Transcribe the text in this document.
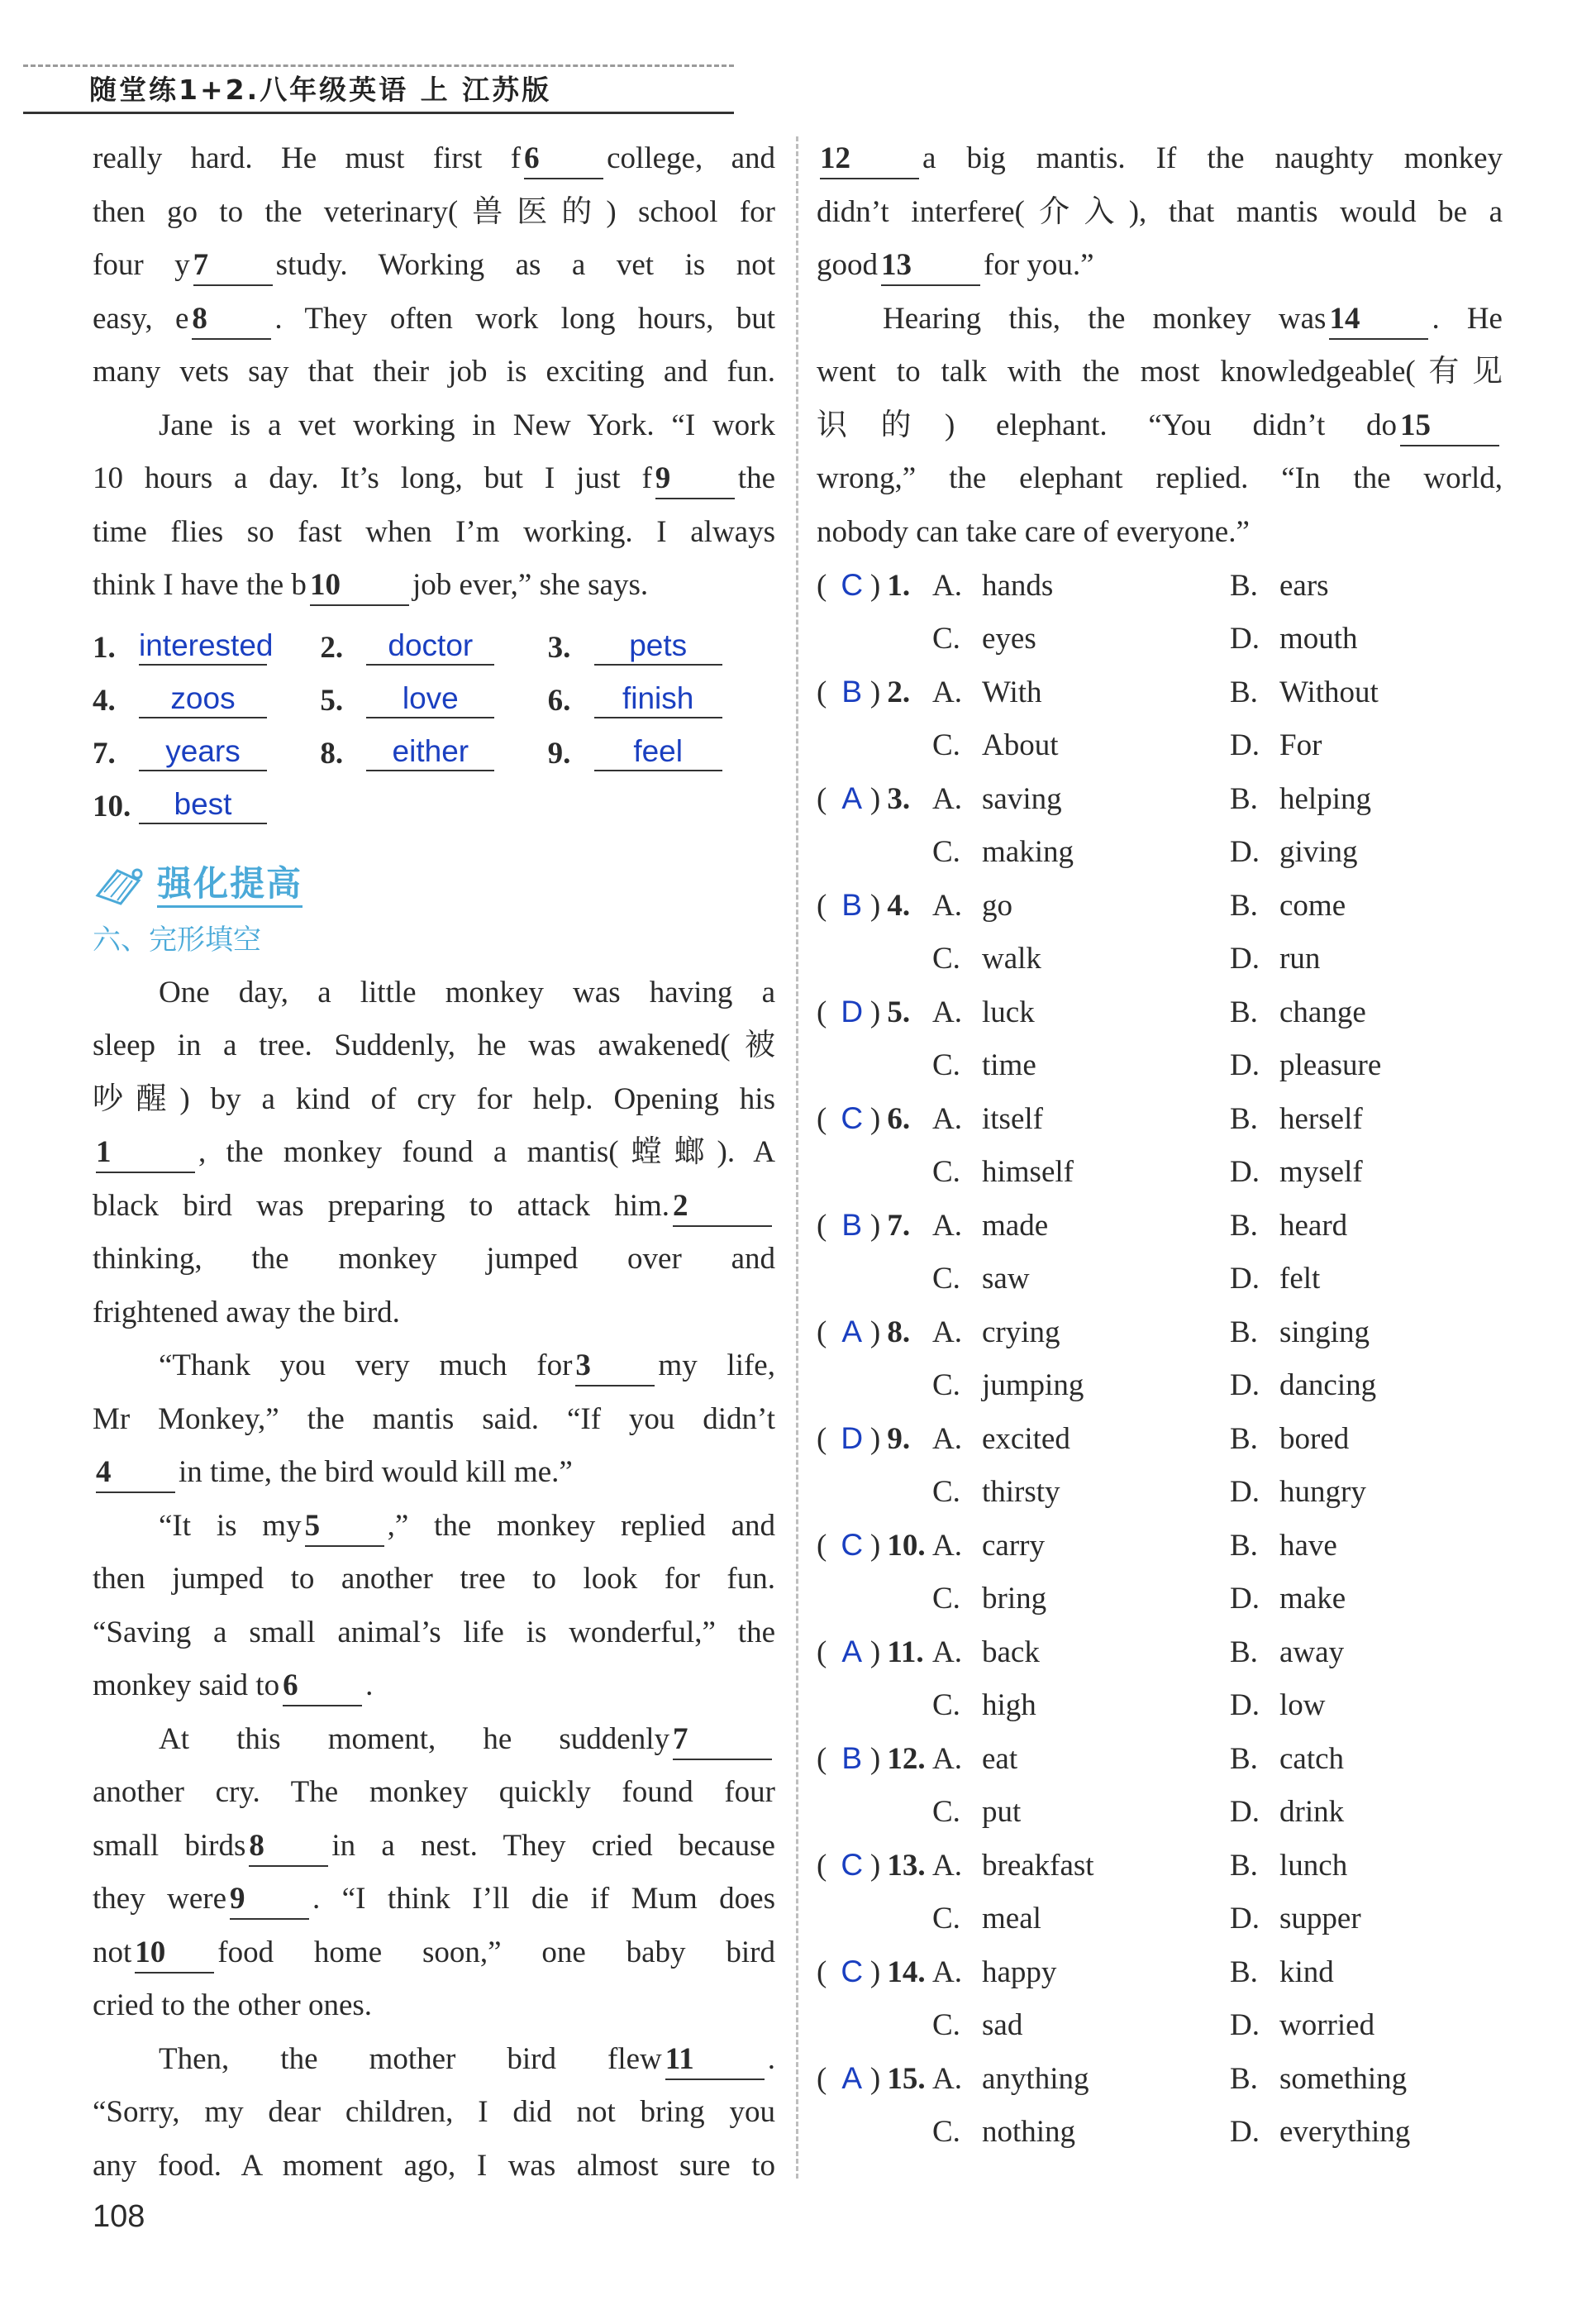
随堂练1+2.八年级英语 上 江苏版

really hard. He must first f 6 college, and

then go to the veterinary(兽医的) school for

four y 7 study. Working as a vet is not

easy, e 8 . They often work long hours, but

many vets say that their job is exciting and fun.

Jane is a vet working in New York. “I work

10 hours a day. It’s long, but I just f 9 the

time flies so fast when I’m working. I always

think I have the b 10 job ever,” she says.

1. interested 2.	doctor	3.	pets
4.	zoos	5.	love	6.	finish
7.	years	8.	either	9.	feel
10.	best
强化提高
六、完形填空

One day, a little monkey was having a

sleep in a tree. Suddenly, he was awakened(被

吵醒) by a kind of cry for help. Opening his

1	, the monkey found a mantis(螳螂). A

black bird was preparing to attack him. 2

thinking, the monkey jumped over and

frightened away the bird.

“Thank you very much for 3 my life,

Mr Monkey,” the mantis said. “If you didn’t

4 in time, the bird would kill me.”

“It is my 5 ,” the monkey replied and

then jumped to another tree to look for fun.

“Saving a small animal’s life is wonderful,” the

monkey said to 6 .

At this moment, he suddenly 7

another cry. The monkey quickly found four

small birds 8 in a nest. They cried because

they were 9 . “I think I’ll die if Mum does

not 10 food home soon,” one baby bird

cried to the other ones.

Then, the mother bird flew 11 .

“Sorry, my dear children, I did not bring you

any food. A moment ago, I was almost sure to

12 a big mantis. If the naughty monkey

didn’t interfere(介入), that mantis would be a

good 13 for you.”

Hearing this, the monkey was 14 . He

went to talk with the most knowledgeable(有见

识的) elephant. “You didn’t do 15

wrong,” the elephant replied. “In the world,

nobody can take care of everyone.”

( C ) 1. A. hands	B. ears
C. eyes	D. mouth
( B ) 2. A. With	B. Without
C. About	D. For
( A ) 3. A. saving	B. helping
C. making	D. giving
( B ) 4. A. go	B. come
C. walk	D. run
( D ) 5. A. luck	B. change
C. time	D. pleasure
( C ) 6. A. itself	B. herself
C. himself	D. myself
( B ) 7. A. made	B. heard
C. saw	D. felt
( A ) 8. A. crying	B. singing
C. jumping	D. dancing
( D ) 9. A. excited	B. bored
C. thirsty	D. hungry
( C ) 10. A. carry	B. have
C. bring	D. make
( A ) 11. A. back	B. away
C. high	D. low
( B ) 12. A. eat	B. catch
C. put	D. drink
( C ) 13. A. breakfast	B. lunch
C. meal	D. supper
( C ) 14. A. happy	B. kind
C. sad	D. worried
( A ) 15. A. anything	B. something
C. nothing	D. everything
108
